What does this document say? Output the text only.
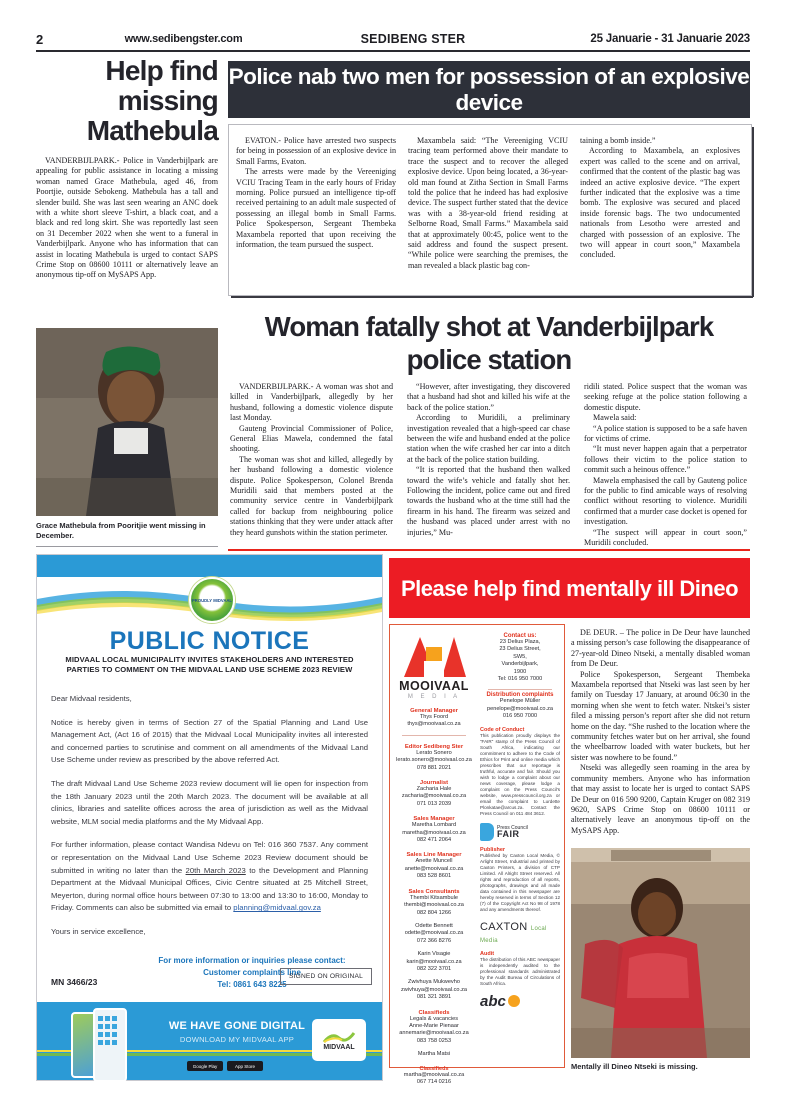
2	www.sedibengster.com	SEDIBENG STER	25 Januarie - 31 Januarie 2023
Help find missing Mathebula

VANDERBIJLPARK.- Police in Vanderbijlpark are appealing for public assistance in locating a missing woman named Grace Mathebula, aged 46, from Poortjie, outside Sebokeng. Mathebula has a tall and slender build. She was last seen wearing an ANC doek with a white short sleeve T-shirt, a black coat, and a black and red long skirt. She was reportedly last seen on 31 December 2022 when she went to a funeral in Vanderbijlpark. Anyone who has information that can assist in locating Mathebula is urged to contact SAPS Crime Stop on 08600 10111 or alternatively leave an anonymous tip-off on MySAPS App.

Grace Mathebula from Pooritjie went missing in December.
Police nab two men for possession of an explosive device

EVATON.- Police have arrested two suspects for being in possession of an explosive device in Small Farms, Evaton.

The arrests were made by the Vereeniging VCIU Tracing Team in the early hours of Friday morning. Police pursued an intelligence tip-off received pertaining to an adult male suspected of possessing an illegal bomb in Small Farms. Police Spokesperson, Sergeant Thembeka Maxambela reported that upon receiving the information, the team pursued the suspect.

Maxambela said: “The Vereeniging VCIU tracing team performed above their mandate to trace the suspect and to recover the alleged explosive device. Upon being located, a 36-year-old man found at Zitha Section in Small Farms told the police that he indeed has had explosive device. The suspect further stated that the device was with a 38-year-old friend residing at Selborne Road, Small Farms.” Maxambela said that at approximately 00:45, police went to the said address and found the suspect present. “While police were searching the premises, the man revealed a black plastic bag con-

taining a bomb inside.”

According to Maxambela, an explosives expert was called to the scene and on arrival, confirmed that the content of the plastic bag was indeed an active explosive device. “The expert further indicated that the explosive was a time bomb. The explosive was secured and placed inside forensic bags. The two undocumented nationals from Lesotho were arrested and charged with possession of an explosive. The two will appear in court soon,” Maxambela concluded.

Woman fatally shot at Vanderbijlpark police station

VANDERBIJLPARK.- A woman was shot and killed in Vanderbijlpark, allegedly by her husband, following a domestic violence dispute last Monday.

Gauteng Provincial Commissioner of Police, General Elias Mawela, condemned the fatal shooting.

The woman was shot and killed, allegedly by her husband following a domestic violence dispute. Police Spokesperson, Colonel Brenda Muridili said that members posted at the community service centre in Vanderbijlpark called for backup from neighbouring police stations thinking that they were under attack after they heard gunshots within the station perimeter.

“However, after investigating, they discovered that a husband had shot and killed his wife at the back of the police station.”

According to Muridili, a preliminary investigation revealed that a high-speed car chase between the wife and husband ended at the police station when the wife crashed her car into a ditch at the back of the police station building.

“It is reported that the husband then walked toward the wife’s vehicle and fatally shot her. Following the incident, police came out and fired towards the husband who at the time still had the firearm in his hand. The firearm was seized and the husband was placed under arrest with no injuries,” Mu-

ridili stated. Police suspect that the woman was seeking refuge at the police station following a domestic dispute.

Mawela said:

“A police station is supposed to be a safe haven for victims of crime.

“It must never happen again that a perpetrator follows their victim to the police station to commit such a heinous offence.”

Mawela emphasised the call by Gauteng police for the public to find amicable ways of resolving conflict without resorting to violence. Muridili confirmed that a murder case docket is opened for investigation.

“The suspect will appear in court soon,” Muridili concluded.

PROUDLY MIDVAAL
PUBLIC NOTICE
MIDVAAL LOCAL MUNICIPALITY INVITES STAKEHOLDERS AND INTERESTED PARTIES TO COMMENT ON THE MIDVAAL LAND USE SCHEME 2023 REVIEW

Dear Midvaal residents,

Notice is hereby given in terms of Section 27 of the Spatial Planning and Land Use Management Act, (Act 16 of 2015) that the Midvaal Local Municipality invites all interested and concerned parties to scrutinise and comment on all amendments of the Midvaal Land Use Scheme under review as prescribed by the above referred Act.

The draft Midvaal Land Use Scheme 2023 review document will lie open for inspection from the 18th January 2023 until the 20th March 2023. The document will be available at all clinics, libraries and satellite offices across the area of jurisdiction as well as the Midvaal website, MLM social media platforms and the My Midvaal App.

For further information, please contact Wandisa Ndevu on Tel: 016 360 7537. Any comment or representation on the Midvaal Land Use Scheme 2023 Review document should be submitted in writing no later than the 20th March 2023 to the Development and Planning Department at the Midvaal Municipal Offices, Civic Centre situated at 25 Mitchell Street, Meyerton, during normal office hours between 07:30 to 13:00 and 13:30 to 16:00, Monday to Friday. Comments can also be submitted via email to planning@midvaal.gov.za

Yours in service excellence,

For more information or inquiries please contact:
Customer complaints line
Tel: 0861 643 8225
MN 3466/23
SIGNED ON ORIGINAL
WE HAVE GONE DIGITAL
DOWNLOAD MY MIDVAAL APP
Google Play	App Store
MIDVAAL
Please help find mentally ill Dineo

DE DEUR. – The police in De Deur have launched a missing person’s case following the disappearance of 27-year-old Dineo Ntseki, a mentally disabled woman from De Deur.

Police Spokesperson, Sergeant Thembeka Maxambela reportsed that Ntseki was last seen by her family on Tuesday 17 January, at around 06:30 in the morning when she went to fetch water. Ntskei’s sister filed a missing person’s report after she did not return home on the day. “She rushed to the location where the community fetches water but on her arrival, she found the wheelbarrow loaded with water buckets, but her sister was nowhere to be found.”

Ntseki was allegedly seen roaming in the area by community members. Anyone who has information that may assist to locate her is urged to contact SAPS De Deur on 016 590 9200, Captain Kruger on 082 319 9620, SAPS Crime Stop on 08600 10111 or alternatively leave an anonymous tip-off on the MySAPS App.

Mentally ill Dineo Ntseki is missing.
MOOIVAAL
M E D I A
General Manager
Thys Foord
thys@mooivaal.co.za
Editor Sedibeng Ster
Lerato Sonero
lerato.sonero@mooivaal.co.za
078 881 2021
Journalist
Zacharia Hale
zacharia@mooivaal.co.za
071 013 2039
Sales Manager
Maretha Lombard
maretha@mooivaal.co.za
082 471 2064
Sales Line Manager
Anette Muncell
anette@mooivaal.co.za
083 528 8601
Sales Consultants
Thembi Kitsambule
thembi@mooivaal.co.za
082 804 1266
Odette Bennett
odette@mooivaal.co.za
072 366 8276
Karin Visagie
karin@mooivaal.co.za
082 322 3701
Zwivhuya Mukwevho
zwivhuya@mooivaal.co.za
081 321 3891
Classifieds
Legals & vacancies
Anne-Marie Pienaar
annemarie@mooivaal.co.za
083 758 0253
Martha Matsi
Classifieds
martha@mooivaal.co.za
067 714 0216
Contact us:
23 Delius Plaza,
23 Delius Street,
SW5,
Vanderbijlpark,
1900
Tel: 016 950 7000
Distribution complaints
Penelope Müller
penelope@mooivaal.co.za
016 950 7000
Code of Conduct
This publication proudly displays the “FAIR” stamp of the Press Council of South Africa, indicating our commitment to adhere to the Code of Ethics for Print and online media which prescribes that our reportage is truthful, accurate and fair. Should you wish to lodge a complaint about our news coverage, please lodge a complaint on the Press Council's website, www.presscouncil.org.za or email the complaint to Lurdette Plonkatae@arcus.za. Contact the Press Council on 011 484 3612.
Press Council
FAIR
Publisher
Published by Caxton Local Media, © Arlight Street, Industrial and printed by Caxton Printers, a division of CTP Limited. All Alright Street reserved. All rights and reproduction of all reports, photographs, drawings and all made data contained in this newspaper are hereby reserved in terms of Section 12 (7) of the Copyright Act No 98 of 1978 and any amendments thereof.
CAXTON Local Media
Audit
The distribution of this ABC newspaper is independently audited to the professional standards administrated by the Audit Bureau of Circulations of South Africa.
abc
